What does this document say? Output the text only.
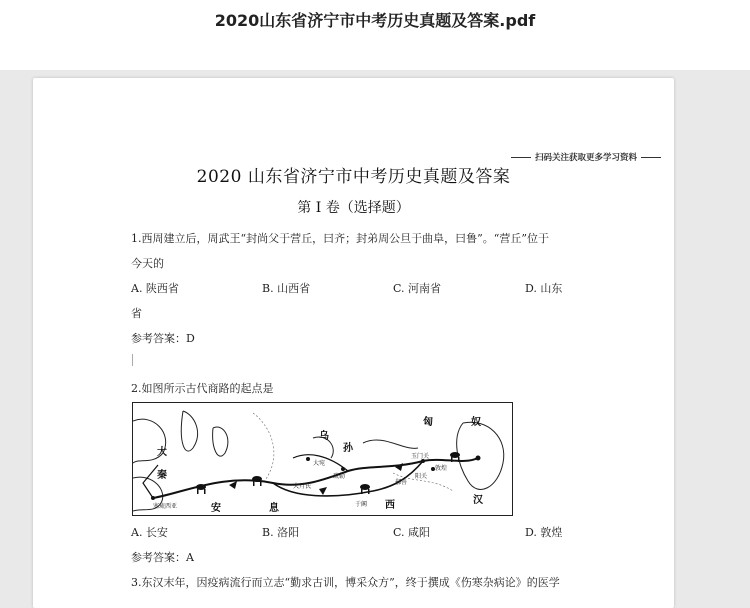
2020山东省济宁市中考历史真题及答案.pdf
扫码关注获取更多学习资料
2020 山东省济宁市中考历史真题及答案
第 I 卷（选择题）
1.西周建立后，周武王“封尚父于营丘，曰齐；封弟周公旦于曲阜，曰鲁”。“营丘”位于
今天的
A. 陕西省	B. 山西省	C. 河南省	D. 山东
省
参考答案：D
2.如图所示古代商路的起点是
匈	奴
大
秦
安	息	西	汉
乌
孙
大宛
疏勒
大月氏
玉门关
阳关
敦煌
鄯善
于阗
塞琉西亚
A. 长安	B. 洛阳	C. 咸阳	D. 敦煌
参考答案：A
3.东汉末年，因疫病流行而立志“勤求古训，博采众方”，终于撰成《伤寒杂病论》的医学
